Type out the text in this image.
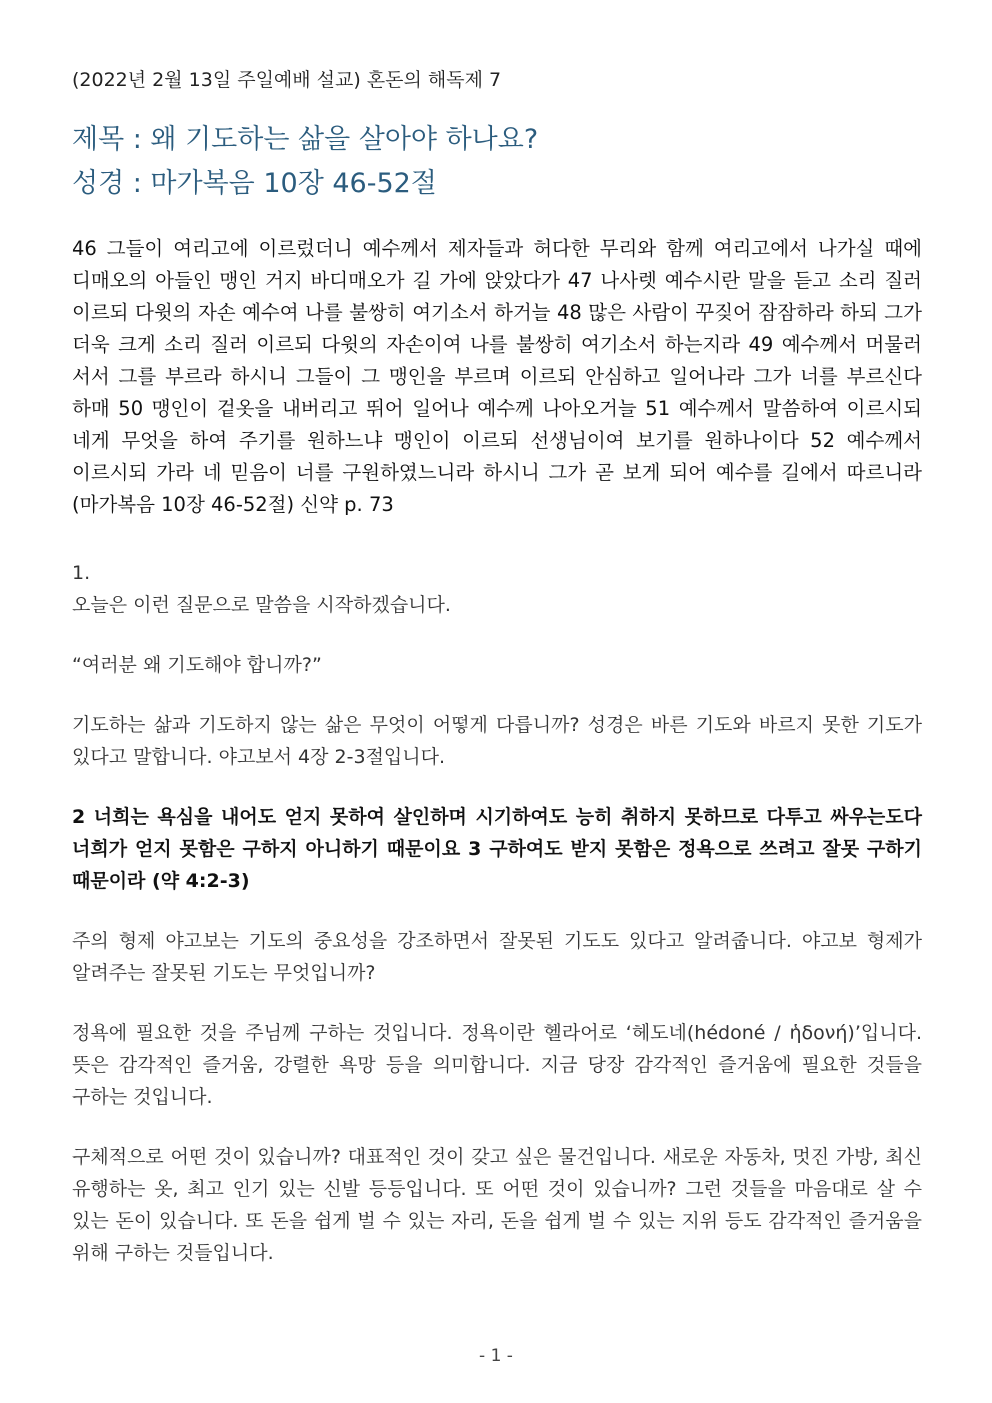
(2022년 2월 13일 주일예배 설교) 혼돈의 해독제 7
제목 : 왜 기도하는 삶을 살아야 하나요?
성경 : 마가복음 10장 46-52절

46 그들이 여리고에 이르렀더니 예수께서 제자들과 허다한 무리와 함께 여리고에서 나가실 때에 디매오의 아들인 맹인 거지 바디매오가 길 가에 앉았다가 47 나사렛 예수시란 말을 듣고 소리 질러 이르되 다윗의 자손 예수여 나를 불쌍히 여기소서 하거늘 48 많은 사람이 꾸짖어 잠잠하라 하되 그가 더욱 크게 소리 질러 이르되 다윗의 자손이여 나를 불쌍히 여기소서 하는지라 49 예수께서 머물러 서서 그를 부르라 하시니 그들이 그 맹인을 부르며 이르되 안심하고 일어나라 그가 너를 부르신다 하매 50 맹인이 겉옷을 내버리고 뛰어 일어나 예수께 나아오거늘 51 예수께서 말씀하여 이르시되 네게 무엇을 하여 주기를 원하느냐 맹인이 이르되 선생님이여 보기를 원하나이다 52 예수께서 이르시되 가라 네 믿음이 너를 구원하였느니라 하시니 그가 곧 보게 되어 예수를 길에서 따르니라 (마가복음 10장 46-52절) 신약 p. 73

1.

오늘은 이런 질문으로 말씀을 시작하겠습니다.

“여러분 왜 기도해야 합니까?”

기도하는 삶과 기도하지 않는 삶은 무엇이 어떻게 다릅니까? 성경은 바른 기도와 바르지 못한 기도가 있다고 말합니다. 야고보서 4장 2-3절입니다.

2 너희는 욕심을 내어도 얻지 못하여 살인하며 시기하여도 능히 취하지 못하므로 다투고 싸우는도다 너희가 얻지 못함은 구하지 아니하기 때문이요 3 구하여도 받지 못함은 정욕으로 쓰려고 잘못 구하기 때문이라 (약 4:2-3)

주의 형제 야고보는 기도의 중요성을 강조하면서 잘못된 기도도 있다고 알려줍니다. 야고보 형제가 알려주는 잘못된 기도는 무엇입니까?

정욕에 필요한 것을 주님께 구하는 것입니다. 정욕이란 헬라어로 ‘헤도네(hédoné / ἡδονή)’입니다. 뜻은 감각적인 즐거움, 강렬한 욕망 등을 의미합니다. 지금 당장 감각적인 즐거움에 필요한 것들을 구하는 것입니다.

구체적으로 어떤 것이 있습니까? 대표적인 것이 갖고 싶은 물건입니다. 새로운 자동차, 멋진 가방, 최신 유행하는 옷, 최고 인기 있는 신발 등등입니다. 또 어떤 것이 있습니까? 그런 것들을 마음대로 살 수 있는 돈이 있습니다. 또 돈을 쉽게 벌 수 있는 자리, 돈을 쉽게 벌 수 있는 지위 등도 감각적인 즐거움을 위해 구하는 것들입니다.

- 1 -
